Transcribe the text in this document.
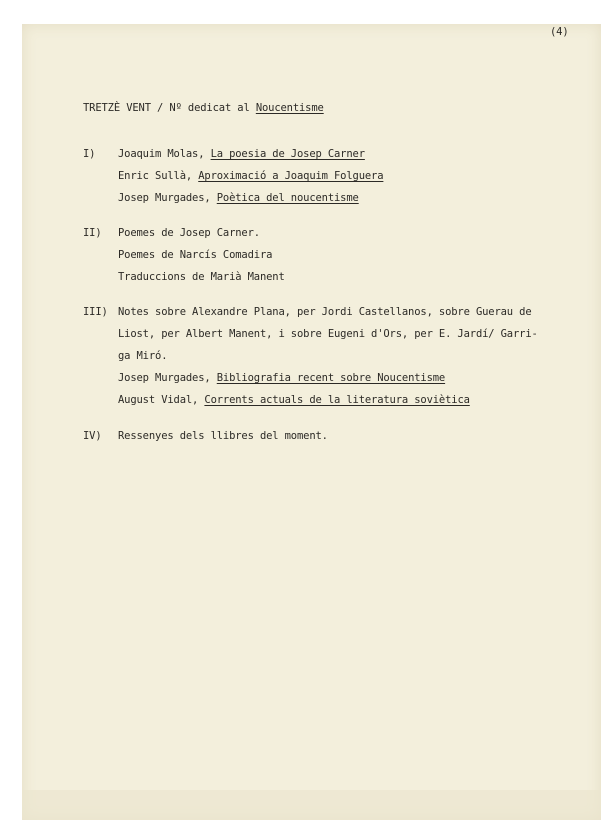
(4)
TRETZÈ VENT / Nº dedicat al Noucentisme
I) Joaquim Molas, La poesia de Josep Carner
Enric Sullà, Aproximació a Joaquim Folguera
Josep Murgades, Poètica del noucentisme
II) Poemes de Josep Carner.
Poemes de Narcís Comadira
Traduccions de Marià Manent
III) Notes sobre Alexandre Plana, per Jordi Castellanos, sobre Guerau de
Liost, per Albert Manent, i sobre Eugeni d'Ors, per E. Jardí/ Garri-
ga Miró.
Josep Murgades, Bibliografia recent sobre Noucentisme
August Vidal, Corrents actuals de la literatura soviètica
IV) Ressenyes dels llibres del moment.
